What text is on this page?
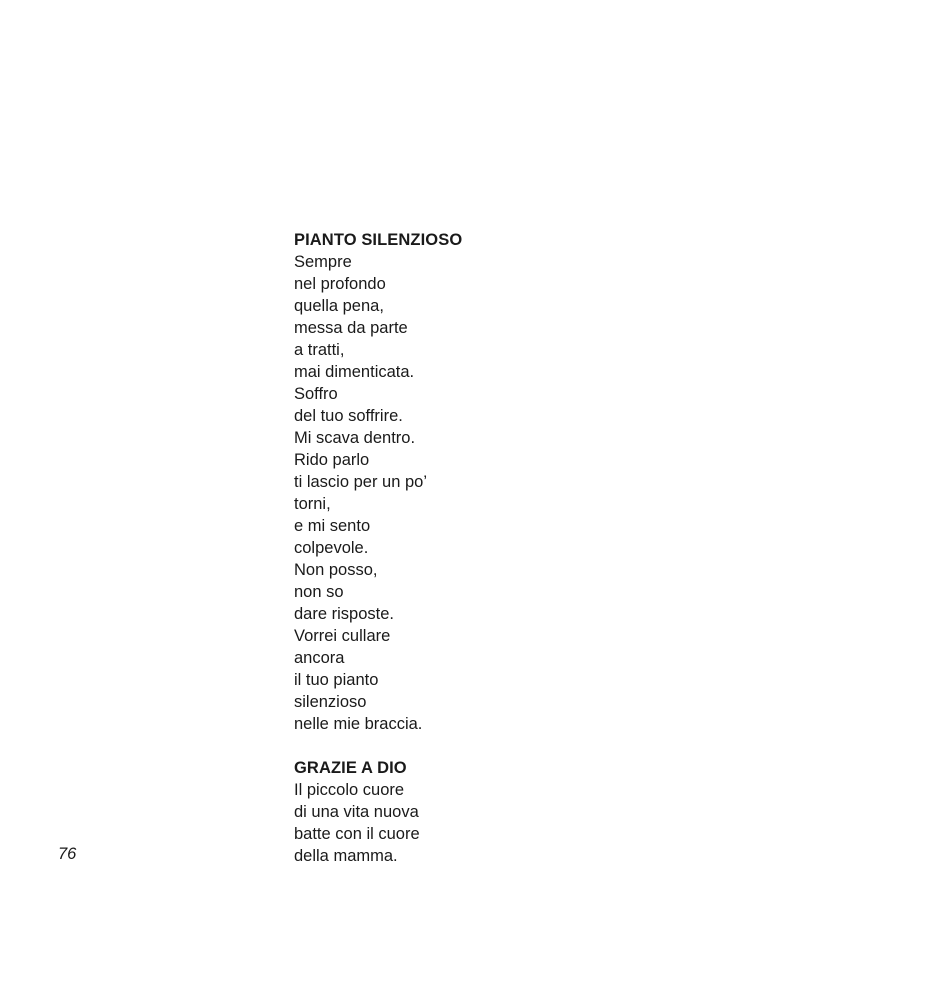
PIANTO SILENZIOSO
Sempre
nel profondo
quella pena,
messa da parte
a tratti,
mai dimenticata.
Soffro
del tuo soffrire.
Mi scava dentro.
Rido parlo
ti lascio per un po’
torni,
e mi sento
colpevole.
Non posso,
non so
dare risposte.
Vorrei cullare
ancora
il tuo pianto
silenzioso
nelle mie braccia.
GRAZIE A DIO
Il piccolo cuore
di una vita nuova
batte con il cuore
della mamma.
76
